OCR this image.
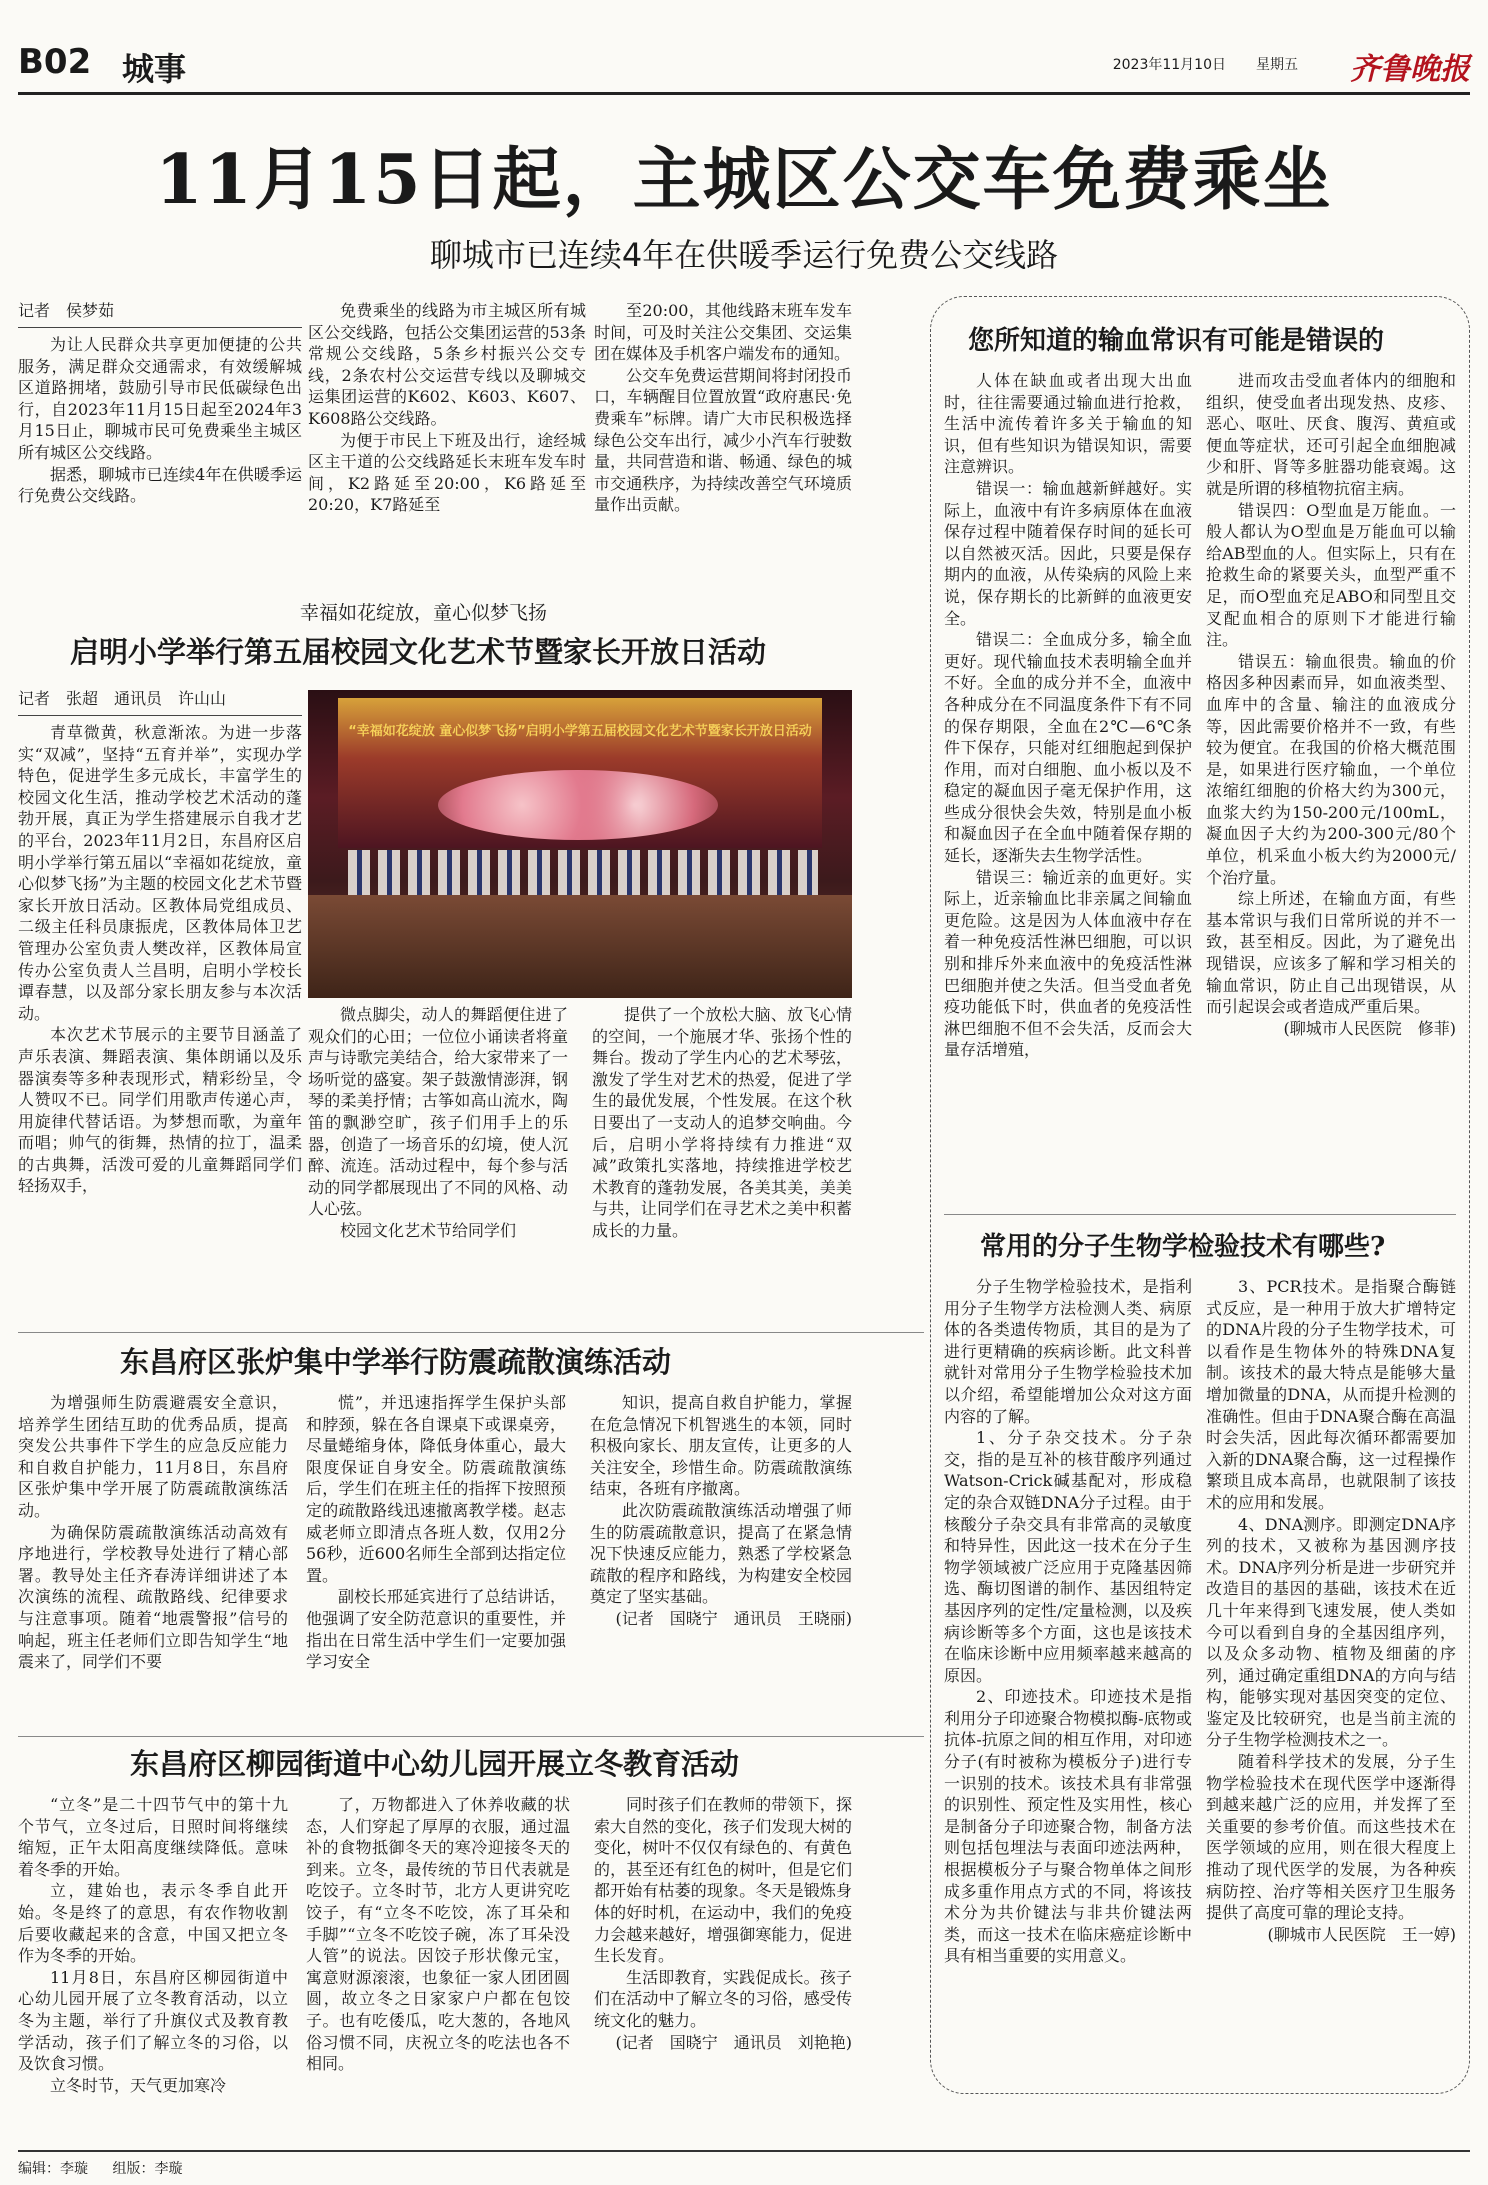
B02 城事	2023年11月10日 星期五 齐鲁晚报
11月15日起，主城区公交车免费乘坐
聊城市已连续4年在供暖季运行免费公交线路
记者　侯梦茹

为让人民群众共享更加便捷的公共服务，满足群众交通需求，有效缓解城区道路拥堵，鼓励引导市民低碳绿色出行，自2023年11月15日起至2024年3月15日止，聊城市民可免费乘坐主城区所有城区公交线路。

据悉，聊城市已连续4年在供暖季运行免费公交线路。

免费乘坐的线路为市主城区所有城区公交线路，包括公交集团运营的53条常规公交线路，5条乡村振兴公交专线，2条农村公交运营专线以及聊城交运集团运营的K602、K603、K607、K608路公交线路。

为便于市民上下班及出行，途经城区主干道的公交线路延长末班车发车时间，K2路延至20:00，K6路延至20:20，K7路延至

至20:00，其他线路末班车发车时间，可及时关注公交集团、交运集团在媒体及手机客户端发布的通知。

公交车免费运营期间将封闭投币口，车辆醒目位置放置“政府惠民·免费乘车”标牌。请广大市民积极选择绿色公交车出行，减少小汽车行驶数量，共同营造和谐、畅通、绿色的城市交通秩序，为持续改善空气环境质量作出贡献。

幸福如花绽放，童心似梦飞扬
启明小学举行第五届校园文化艺术节暨家长开放日活动
记者　张超　通讯员　许山山

青草微黄，秋意渐浓。为进一步落实“双减”，坚持“五育并举”，实现办学特色，促进学生多元成长，丰富学生的校园文化生活，推动学校艺术活动的蓬勃开展，真正为学生搭建展示自我才艺的平台，2023年11月2日，东昌府区启明小学举行第五届以“幸福如花绽放，童心似梦飞扬”为主题的校园文化艺术节暨家长开放日活动。区教体局党组成员、二级主任科员康振虎，区教体局体卫艺管理办公室负责人樊改祥，区教体局宣传办公室负责人兰昌明，启明小学校长谭春慧，以及部分家长朋友参与本次活动。

本次艺术节展示的主要节目涵盖了声乐表演、舞蹈表演、集体朗诵以及乐器演奏等多种表现形式，精彩纷呈，令人赞叹不已。同学们用歌声传递心声，用旋律代替话语。为梦想而歌，为童年而唱；帅气的街舞，热情的拉丁，温柔的古典舞，活泼可爱的儿童舞蹈同学们轻扬双手，

“幸福如花绽放 童心似梦飞扬”启明小学第五届校园文化艺术节暨家长开放日活动

微点脚尖，动人的舞蹈便住进了观众们的心田；一位位小诵读者将童声与诗歌完美结合，给大家带来了一场听觉的盛宴。架子鼓激情澎湃，钢琴的柔美抒情；古筝如高山流水，陶笛的飘渺空旷，孩子们用手上的乐器，创造了一场音乐的幻境，使人沉醉、流连。活动过程中，每个参与活动的同学都展现出了不同的风格、动人心弦。

校园文化艺术节给同学们

提供了一个放松大脑、放飞心情的空间，一个施展才华、张扬个性的舞台。拨动了学生内心的艺术琴弦，激发了学生对艺术的热爱，促进了学生的最优发展，个性发展。在这个秋日要出了一支动人的追梦交响曲。今后，启明小学将持续有力推进“双减”政策扎实落地，持续推进学校艺术教育的蓬勃发展，各美其美，美美与共，让同学们在寻艺术之美中积蓄成长的力量。

东昌府区张炉集中学举行防震疏散演练活动

为增强师生防震避震安全意识，培养学生团结互助的优秀品质，提高突发公共事件下学生的应急反应能力和自救自护能力，11月8日，东昌府区张炉集中学开展了防震疏散演练活动。

为确保防震疏散演练活动高效有序地进行，学校教导处进行了精心部署。教导处主任齐春涛详细讲述了本次演练的流程、疏散路线、纪律要求与注意事项。随着“地震警报”信号的响起，班主任老师们立即告知学生“地震来了，同学们不要

慌”，并迅速指挥学生保护头部和脖颈，躲在各自课桌下或课桌旁，尽量蜷缩身体，降低身体重心，最大限度保证自身安全。防震疏散演练后，学生们在班主任的指挥下按照预定的疏散路线迅速撤离教学楼。赵志威老师立即清点各班人数，仅用2分56秒，近600名师生全部到达指定位置。

副校长邢延宾进行了总结讲话，他强调了安全防范意识的重要性，并指出在日常生活中学生们一定要加强学习安全

知识，提高自救自护能力，掌握在危急情况下机智逃生的本领，同时积极向家长、朋友宣传，让更多的人关注安全，珍惜生命。防震疏散演练结束，各班有序撤离。

此次防震疏散演练活动增强了师生的防震疏散意识，提高了在紧急情况下快速反应能力，熟悉了学校紧急疏散的程序和路线，为构建安全校园奠定了坚实基础。

(记者　国晓宁　通讯员　王晓丽)
东昌府区柳园街道中心幼儿园开展立冬教育活动

“立冬”是二十四节气中的第十九个节气，立冬过后，日照时间将继续缩短，正午太阳高度继续降低。意味着冬季的开始。

立，建始也，表示冬季自此开始。冬是终了的意思，有农作物收割后要收藏起来的含意，中国又把立冬作为冬季的开始。

11月8日，东昌府区柳园街道中心幼儿园开展了立冬教育活动，以立冬为主题，举行了升旗仪式及教育教学活动，孩子们了解立冬的习俗，以及饮食习惯。

立冬时节，天气更加寒冷

了，万物都进入了休养收藏的状态，人们穿起了厚厚的衣服，通过温补的食物抵御冬天的寒冷迎接冬天的到来。立冬，最传统的节日代表就是吃饺子。立冬时节，北方人更讲究吃饺子，有“立冬不吃饺，冻了耳朵和手脚”“立冬不吃饺子碗，冻了耳朵没人管”的说法。因饺子形状像元宝，寓意财源滚滚，也象征一家人团团圆圆，故立冬之日家家户户都在包饺子。也有吃倭瓜，吃大葱的，各地风俗习惯不同，庆祝立冬的吃法也各不相同。

同时孩子们在教师的带领下，探索大自然的变化，孩子们发现大树的变化，树叶不仅仅有绿色的、有黄色的，甚至还有红色的树叶，但是它们都开始有枯萎的现象。冬天是锻炼身体的好时机，在运动中，我们的免疫力会越来越好，增强御寒能力，促进生长发育。

生活即教育，实践促成长。孩子们在活动中了解立冬的习俗，感受传统文化的魅力。

(记者　国晓宁　通讯员　刘艳艳)
您所知道的输血常识有可能是错误的

人体在缺血或者出现大出血时，往往需要通过输血进行抢救，生活中流传着许多关于输血的知识，但有些知识为错误知识，需要注意辨识。

错误一：输血越新鲜越好。实际上，血液中有许多病原体在血液保存过程中随着保存时间的延长可以自然被灭活。因此，只要是保存期内的血液，从传染病的风险上来说，保存期长的比新鲜的血液更安全。

错误二：全血成分多，输全血更好。现代输血技术表明输全血并不好。全血的成分并不全，血液中各种成分在不同温度条件下有不同的保存期限，全血在2℃—6℃条件下保存，只能对红细胞起到保护作用，而对白细胞、血小板以及不稳定的凝血因子毫无保护作用，这些成分很快会失效，特别是血小板和凝血因子在全血中随着保存期的延长，逐渐失去生物学活性。

错误三：输近亲的血更好。实际上，近亲输血比非亲属之间输血更危险。这是因为人体血液中存在着一种免疫活性淋巴细胞，可以识别和排斥外来血液中的免疫活性淋巴细胞并使之失活。但当受血者免疫功能低下时，供血者的免疫活性淋巴细胞不但不会失活，反而会大量存活增殖，

进而攻击受血者体内的细胞和组织，使受血者出现发热、皮疹、恶心、呕吐、厌食、腹泻、黄疸或便血等症状，还可引起全血细胞减少和肝、肾等多脏器功能衰竭。这就是所谓的移植物抗宿主病。

错误四：O型血是万能血。一般人都认为O型血是万能血可以输给AB型血的人。但实际上，只有在抢救生命的紧要关头，血型严重不足，而O型血充足ABO和同型且交叉配血相合的原则下才能进行输注。

错误五：输血很贵。输血的价格因多种因素而异，如血液类型、血库中的含量、输注的血液成分等，因此需要价格并不一致，有些较为便宜。在我国的价格大概范围是，如果进行医疗输血，一个单位浓缩红细胞的价格大约为300元，血浆大约为150-200元/100mL，凝血因子大约为200-300元/80个单位，机采血小板大约为2000元/个治疗量。

综上所述，在输血方面，有些基本常识与我们日常所说的并不一致，甚至相反。因此，为了避免出现错误，应该多了解和学习相关的输血常识，防止自己出现错误，从而引起误会或者造成严重后果。

(聊城市人民医院　修菲)
常用的分子生物学检验技术有哪些?

分子生物学检验技术，是指利用分子生物学方法检测人类、病原体的各类遗传物质，其目的是为了进行更精确的疾病诊断。此文科普就针对常用分子生物学检验技术加以介绍，希望能增加公众对这方面内容的了解。

1、分子杂交技术。分子杂交，指的是互补的核苷酸序列通过Watson-Crick碱基配对，形成稳定的杂合双链DNA分子过程。由于核酸分子杂交具有非常高的灵敏度和特异性，因此这一技术在分子生物学领域被广泛应用于克隆基因筛选、酶切图谱的制作、基因组特定基因序列的定性/定量检测，以及疾病诊断等多个方面，这也是该技术在临床诊断中应用频率越来越高的原因。

2、印迹技术。印迹技术是指利用分子印迹聚合物模拟酶-底物或抗体-抗原之间的相互作用，对印迹分子(有时被称为模板分子)进行专一识别的技术。该技术具有非常强的识别性、预定性及实用性，核心是制备分子印迹聚合物，制备方法则包括包埋法与表面印迹法两种，根据模板分子与聚合物单体之间形成多重作用点方式的不同，将该技术分为共价键法与非共价键法两类，而这一技术在临床癌症诊断中具有相当重要的实用意义。

3、PCR技术。是指聚合酶链式反应，是一种用于放大扩增特定的DNA片段的分子生物学技术，可以看作是生物体外的特殊DNA复制。该技术的最大特点是能够大量增加微量的DNA，从而提升检测的准确性。但由于DNA聚合酶在高温时会失活，因此每次循环都需要加入新的DNA聚合酶，这一过程操作繁琐且成本高昂，也就限制了该技术的应用和发展。

4、DNA测序。即测定DNA序列的技术，又被称为基因测序技术。DNA序列分析是进一步研究并改造目的基因的基础，该技术在近几十年来得到飞速发展，使人类如今可以看到自身的全基因组序列，以及众多动物、植物及细菌的序列，通过确定重组DNA的方向与结构，能够实现对基因突变的定位、鉴定及比较研究，也是当前主流的分子生物学检测技术之一。

随着科学技术的发展，分子生物学检验技术在现代医学中逐渐得到越来越广泛的应用，并发挥了至关重要的参考价值。而这些技术在医学领域的应用，则在很大程度上推动了现代医学的发展，为各种疾病防控、治疗等相关医疗卫生服务提供了高度可靠的理论支持。

(聊城市人民医院　王一婷)
编辑：李璇 组版：李璇
